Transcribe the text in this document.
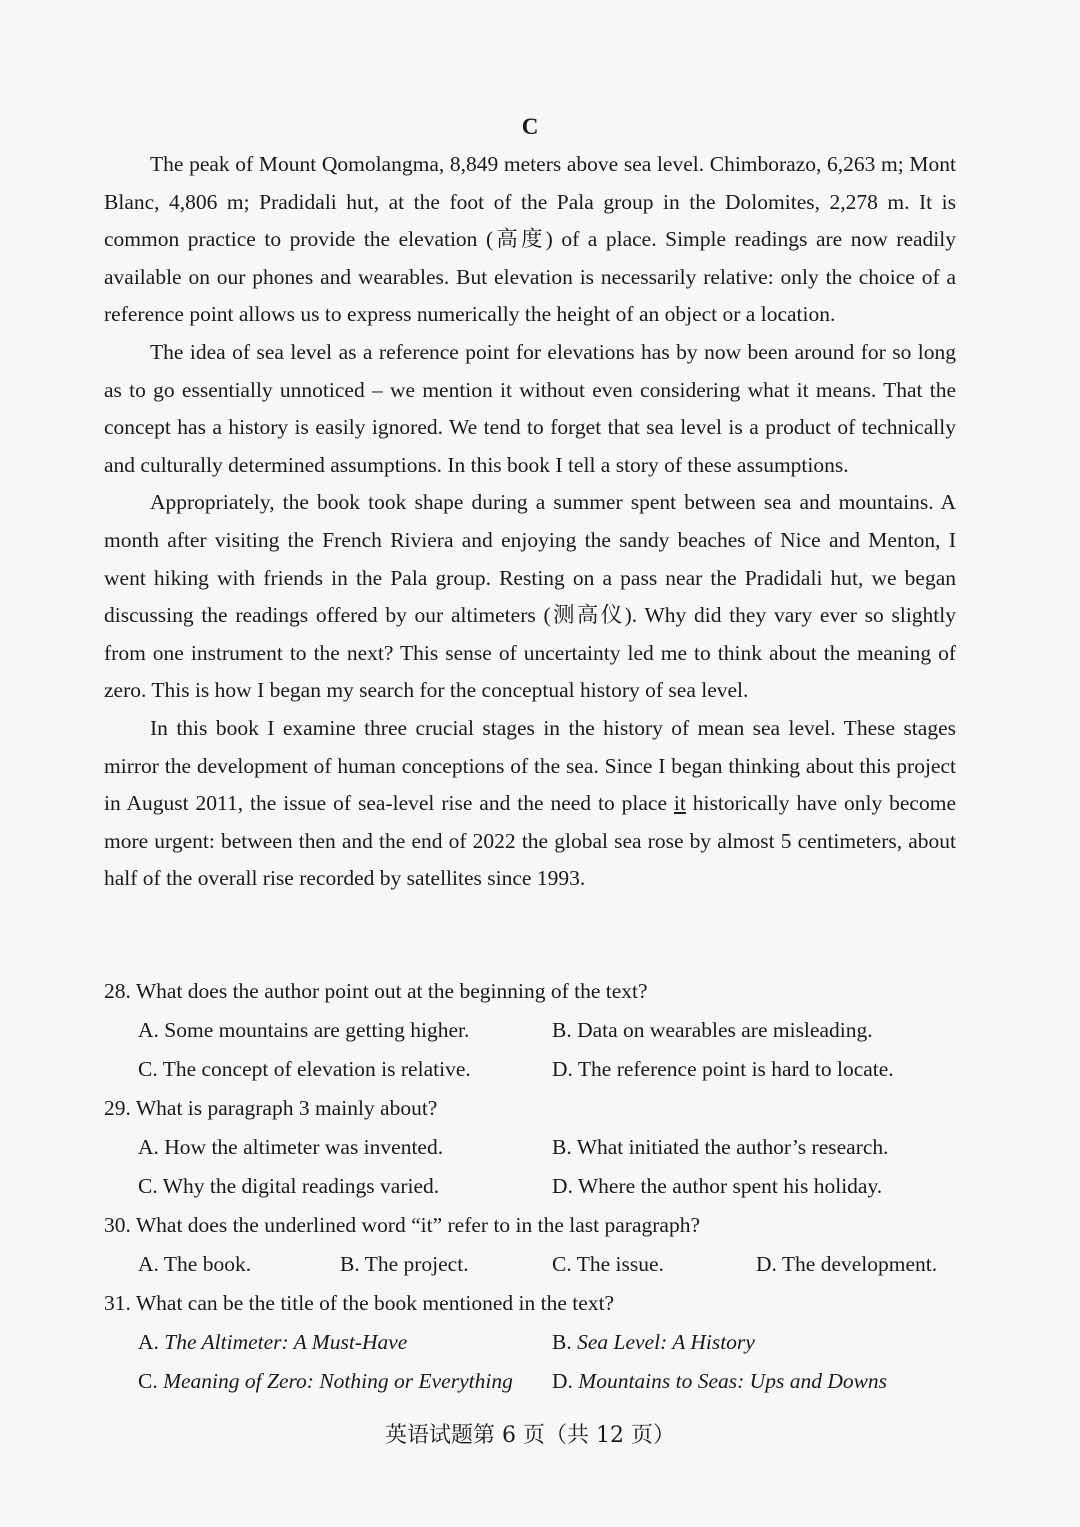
C

The peak of Mount Qomolangma, 8,849 meters above sea level. Chimborazo, 6,263 m; Mont Blanc, 4,806 m; Pradidali hut, at the foot of the Pala group in the Dolomites, 2,278 m. It is common practice to provide the elevation (高度) of a place. Simple readings are now readily available on our phones and wearables. But elevation is necessarily relative: only the choice of a reference point allows us to express numerically the height of an object or a location.

The idea of sea level as a reference point for elevations has by now been around for so long as to go essentially unnoticed – we mention it without even considering what it means. That the concept has a history is easily ignored. We tend to forget that sea level is a product of technically and culturally determined assumptions. In this book I tell a story of these assumptions.

Appropriately, the book took shape during a summer spent between sea and mountains. A month after visiting the French Riviera and enjoying the sandy beaches of Nice and Menton, I went hiking with friends in the Pala group. Resting on a pass near the Pradidali hut, we began discussing the readings offered by our altimeters (测高仪). Why did they vary ever so slightly from one instrument to the next? This sense of uncertainty led me to think about the meaning of zero. This is how I began my search for the conceptual history of sea level.

In this book I examine three crucial stages in the history of mean sea level. These stages mirror the development of human conceptions of the sea. Since I began thinking about this project in August 2011, the issue of sea-level rise and the need to place it historically have only become more urgent: between then and the end of 2022 the global sea rose by almost 5 centimeters, about half of the overall rise recorded by satellites since 1993.

28. What does the author point out at the beginning of the text?
A. Some mountains are getting higher.	B. Data on wearables are misleading.
C. The concept of elevation is relative.	D. The reference point is hard to locate.
29. What is paragraph 3 mainly about?
A. How the altimeter was invented.	B. What initiated the author’s research.
C. Why the digital readings varied.	D. Where the author spent his holiday.
30. What does the underlined word “it” refer to in the last paragraph?
A. The book.	B. The project.	C. The issue.	D. The development.
31. What can be the title of the book mentioned in the text?
A. The Altimeter: A Must-Have	B. Sea Level: A History
C. Meaning of Zero: Nothing or Everything D. Mountains to Seas: Ups and Downs
英语试题第 6 页（共 12 页）
